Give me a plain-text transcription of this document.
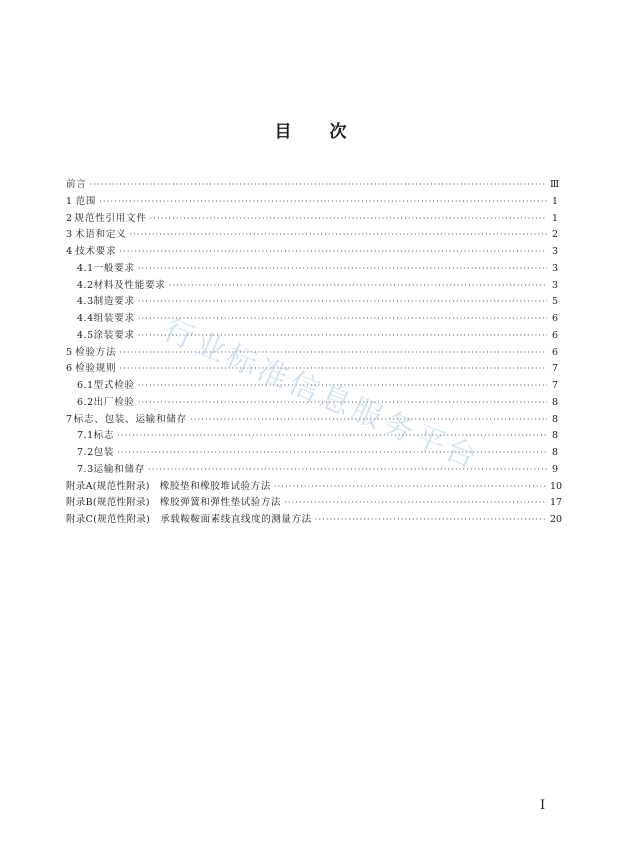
目 次
前言 ·····	Ⅲ
1 范围 ·····	1
2 规范性引用文件 ·····	1
3 术语和定义 ·····	2
4 技术要求 ·····	3
4.1 一般要求 ·····	3
4.2 材料及性能要求 ·····	3
4.3 制造要求 ·····	5
4.4 组装要求 ·····	6
4.5 涂装要求 ·····	6
5 检验方法 ·····	6
6 检验规则 ·····	7
6.1 型式检验 ·····	7
6.2 出厂检验 ·····	8
7 标志、包装、运输和储存 ·····	8
7.1 标志 ·····	8
7.2 包装 ·····	8
7.3 运输和储存 ·····	9
附录A(规范性附录) 橡胶垫和橡胶堆试验方法 ·····	10
附录B(规范性附录) 橡胶弹簧和弹性垫试验方法 ·····	17
附录C(规范性附录) 承载鞍鞍面素线直线度的测量方法 ·····	20
行业标准信息服务平台
I
